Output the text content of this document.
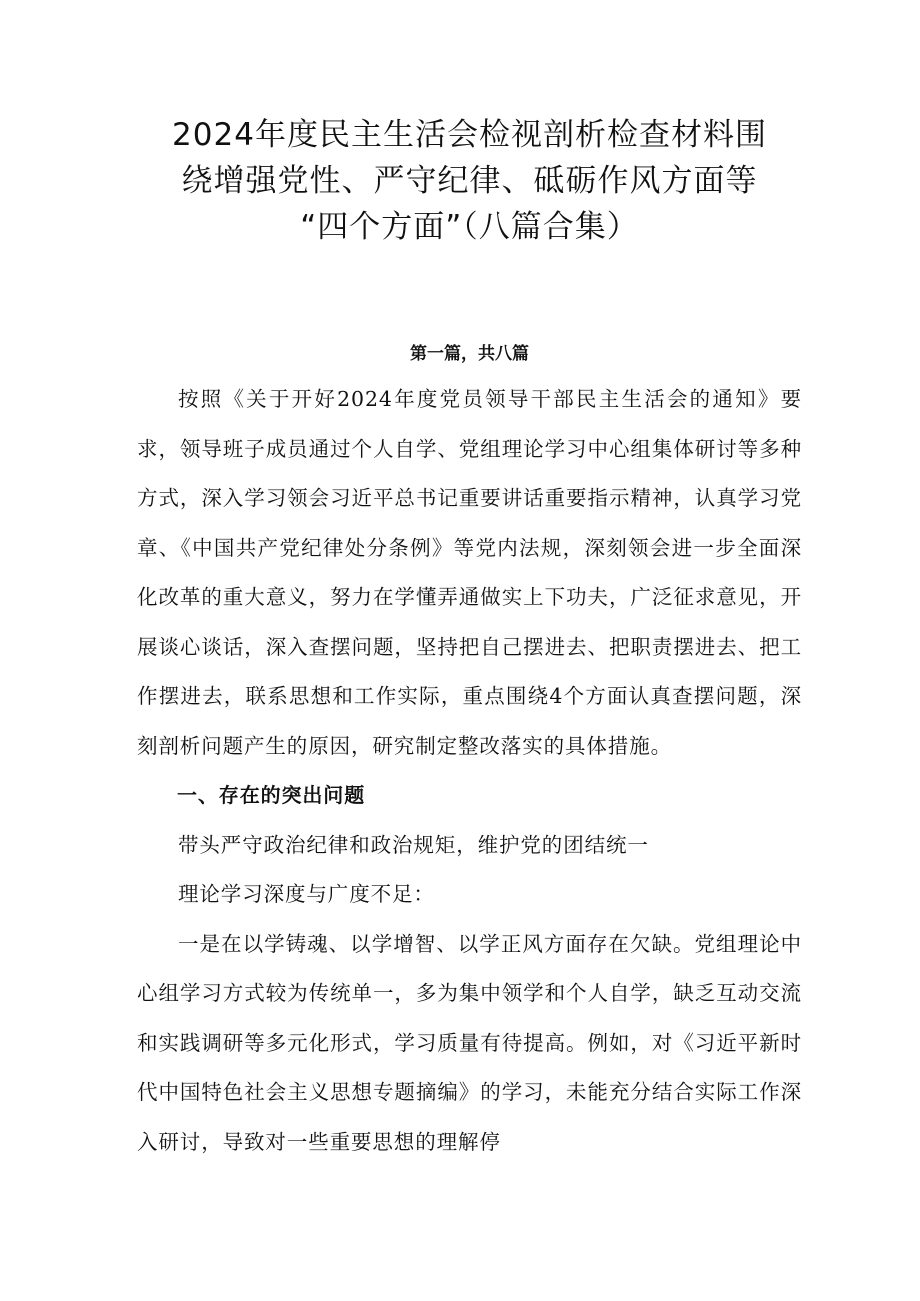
2024年度民主生活会检视剖析检查材料围
绕增强党性、严守纪律、砥砺作风方面等
“四个方面”（八篇合集）

第一篇，共八篇

按照《关于开好2024年度党员领导干部民主生活会的通知》要求，领导班子成员通过个人自学、党组理论学习中心组集体研讨等多种方式，深入学习领会习近平总书记重要讲话重要指示精神，认真学习党章、《中国共产党纪律处分条例》等党内法规，深刻领会进一步全面深化改革的重大意义，努力在学懂弄通做实上下功夫，广泛征求意见，开展谈心谈话，深入查摆问题，坚持把自己摆进去、把职责摆进去、把工作摆进去，联系思想和工作实际，重点围绕4个方面认真查摆问题，深刻剖析问题产生的原因，研究制定整改落实的具体措施。

一、存在的突出问题

带头严守政治纪律和政治规矩，维护党的团结统一

理论学习深度与广度不足：

一是在以学铸魂、以学增智、以学正风方面存在欠缺。党组理论中心组学习方式较为传统单一，多为集中领学和个人自学，缺乏互动交流和实践调研等多元化形式，学习质量有待提高。例如，对《习近平新时代中国特色社会主义思想专题摘编》的学习，未能充分结合实际工作深入研讨，导致对一些重要思想的理解停
